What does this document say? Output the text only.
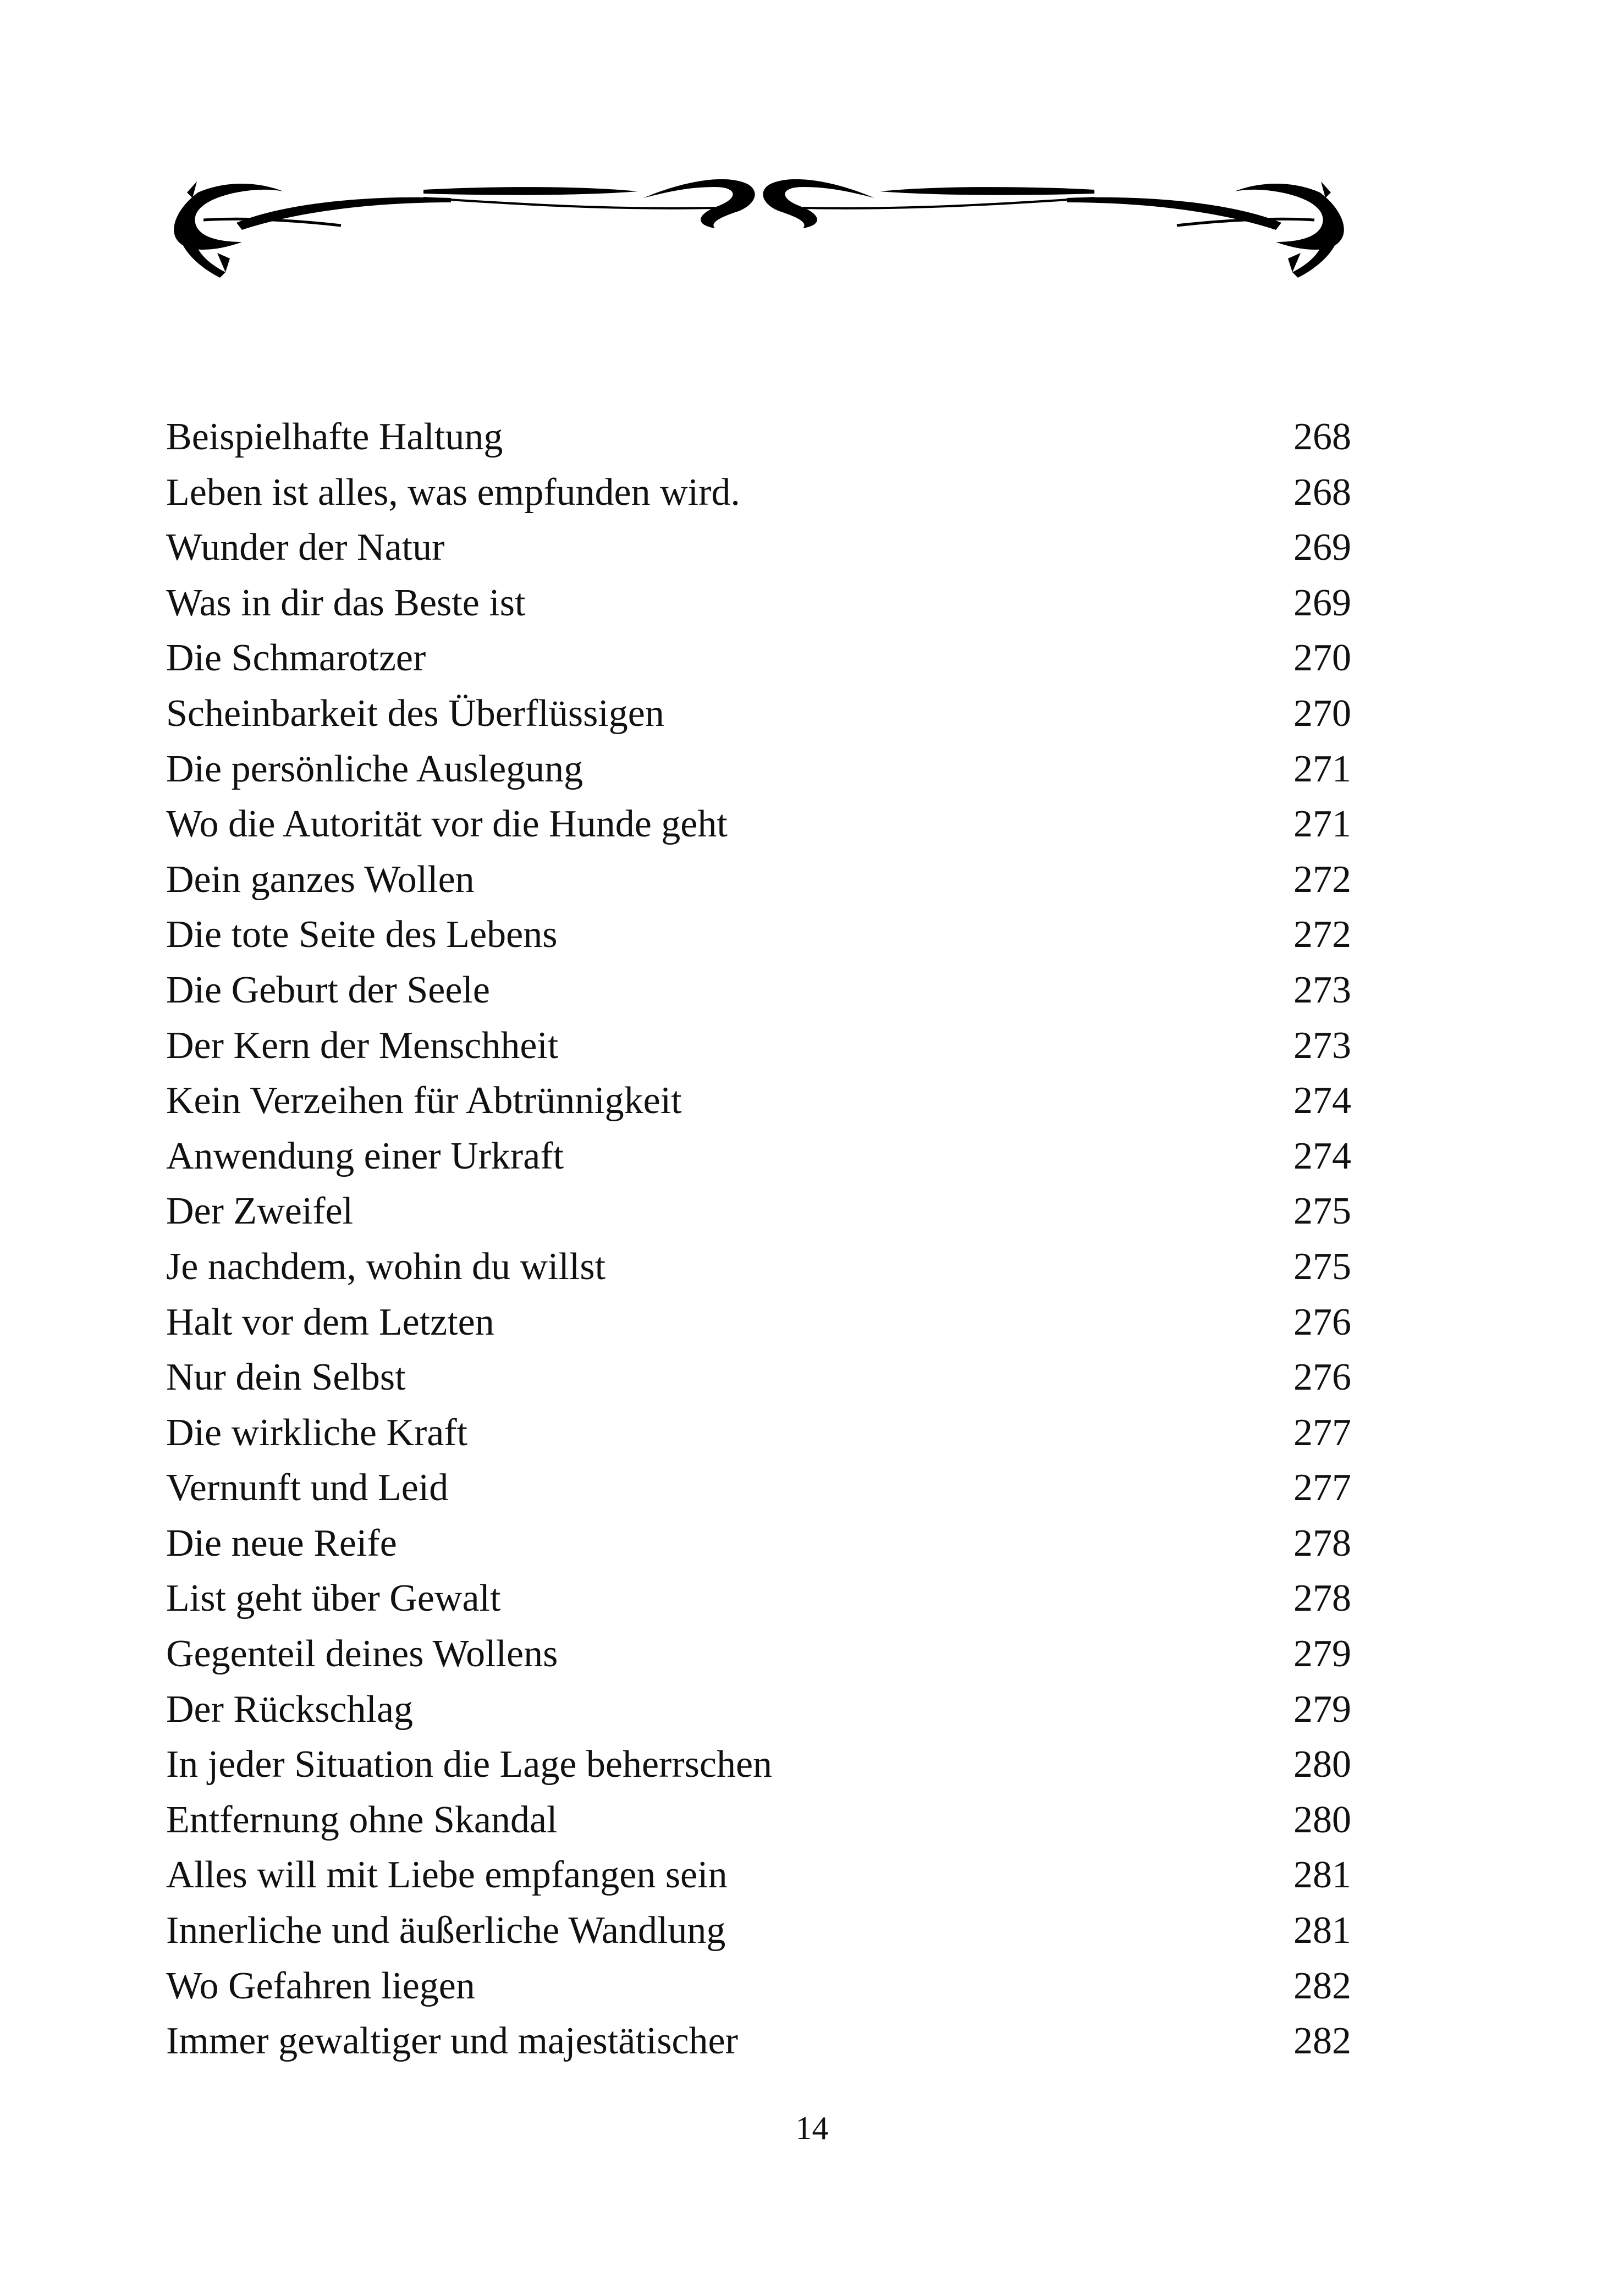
Beispielhafte Haltung	268
Leben ist alles, was empfunden wird.	268
Wunder der Natur	269
Was in dir das Beste ist	269
Die Schmarotzer	270
Scheinbarkeit des Überflüssigen	270
Die persönliche Auslegung	271
Wo die Autorität vor die Hunde geht	271
Dein ganzes Wollen	272
Die tote Seite des Lebens	272
Die Geburt der Seele	273
Der Kern der Menschheit	273
Kein Verzeihen für Abtrünnigkeit	274
Anwendung einer Urkraft	274
Der Zweifel	275
Je nachdem, wohin du willst	275
Halt vor dem Letzten	276
Nur dein Selbst	276
Die wirkliche Kraft	277
Vernunft und Leid	277
Die neue Reife	278
List geht über Gewalt	278
Gegenteil deines Wollens	279
Der Rückschlag	279
In jeder Situation die Lage beherrschen	280
Entfernung ohne Skandal	280
Alles will mit Liebe empfangen sein	281
Innerliche und äußerliche Wandlung	281
Wo Gefahren liegen	282
Immer gewaltiger und majestätischer	282
14
